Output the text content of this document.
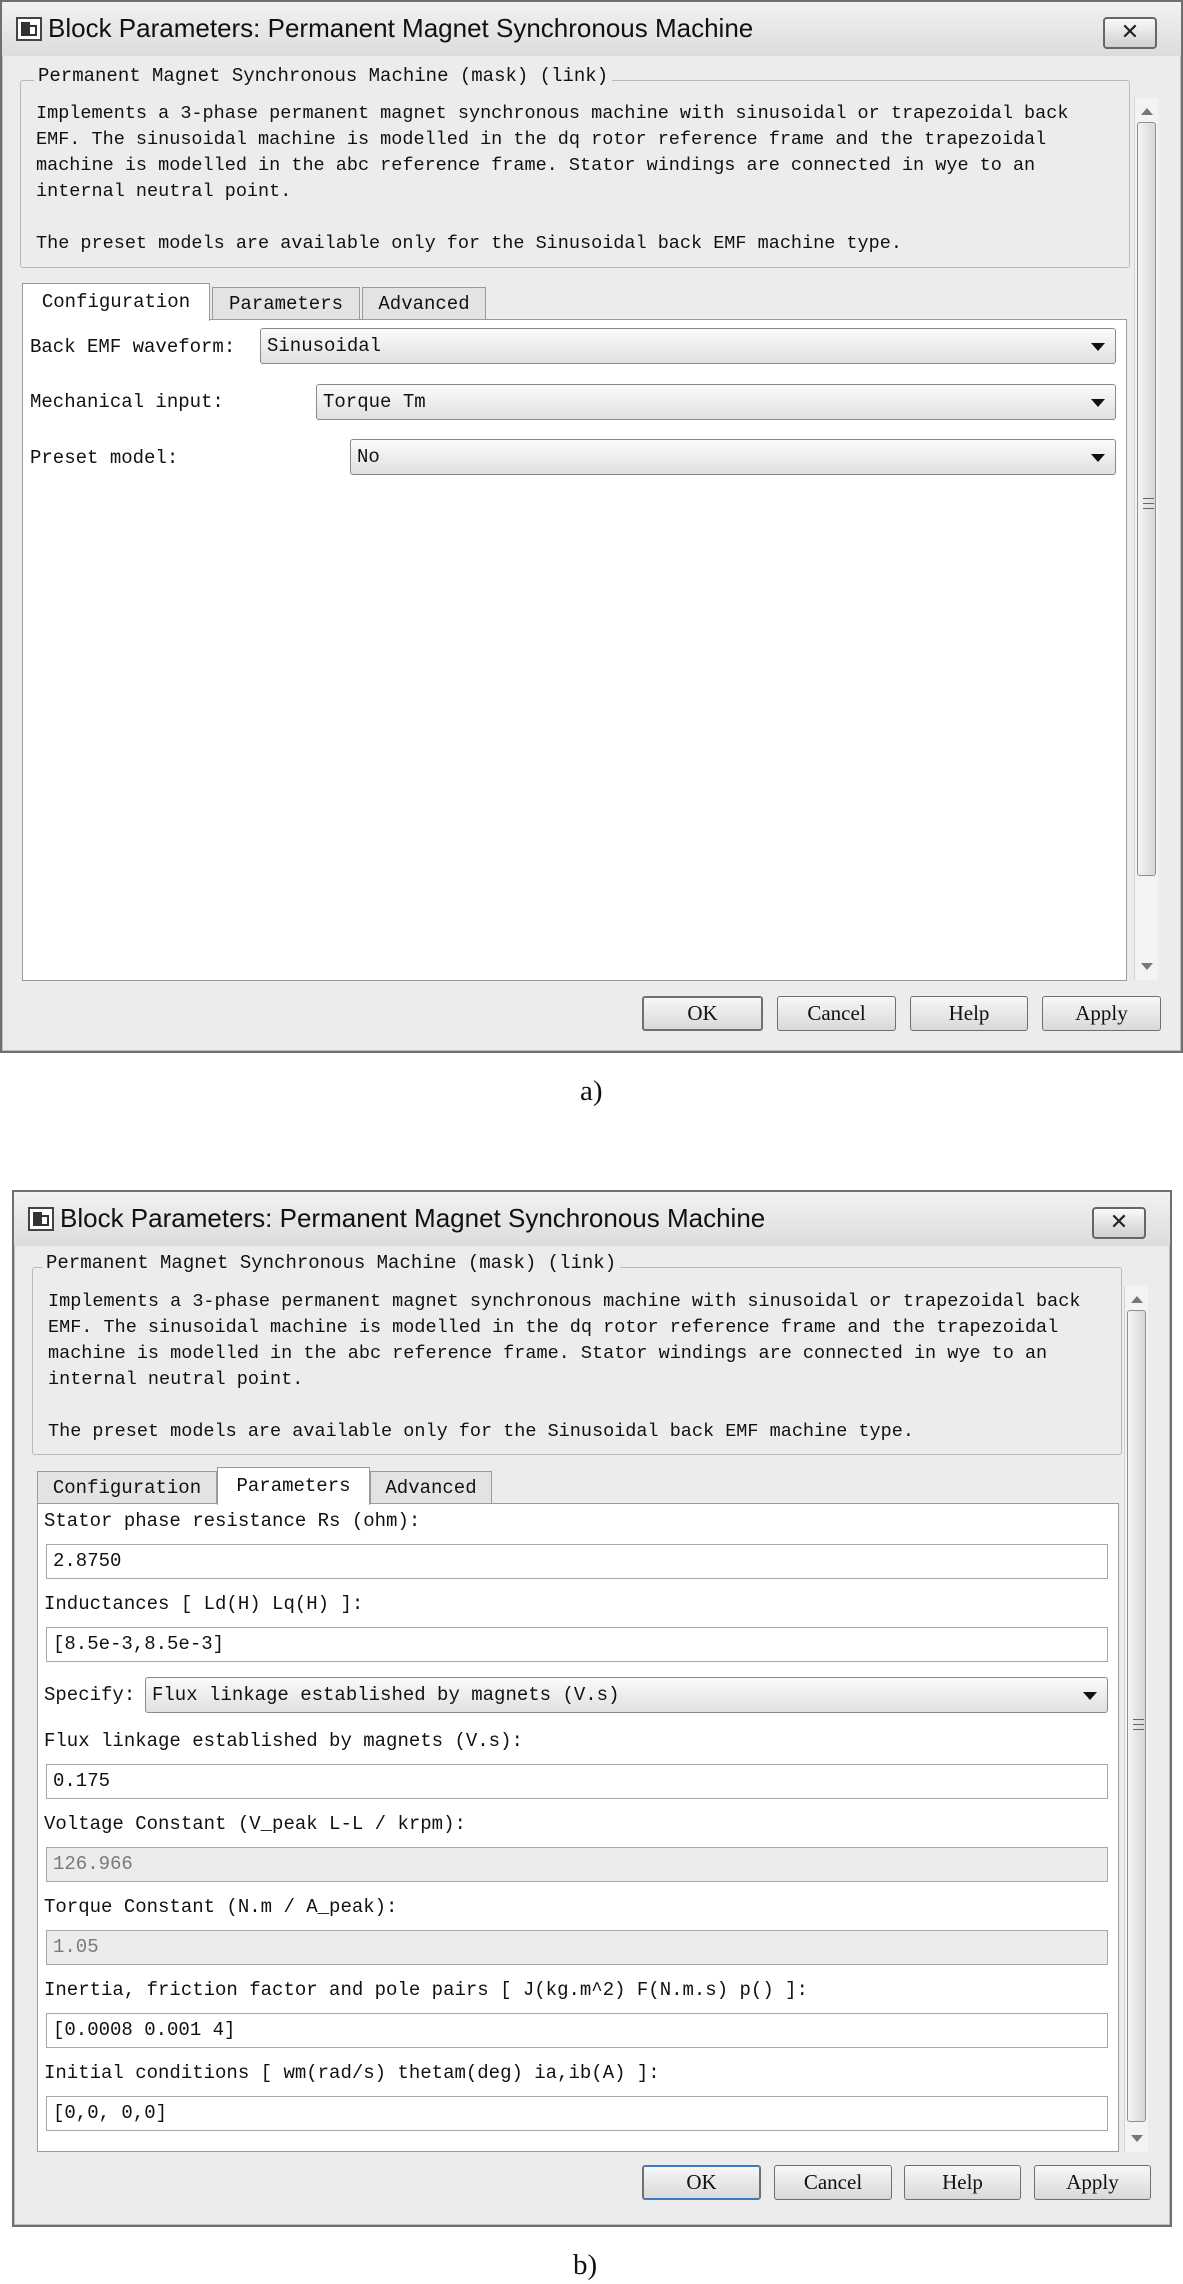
Block Parameters: Permanent Magnet Synchronous Machine	✕
Permanent Magnet Synchronous Machine (mask) (link)
Implements a 3-phase permanent magnet synchronous machine with sinusoidal or trapezoidal back
EMF. The sinusoidal machine is modelled in the dq rotor reference frame and the trapezoidal
machine is modelled in the abc reference frame. Stator windings are connected in wye to an
internal neutral point.

The preset models are available only for the Sinusoidal back EMF machine type.
Configuration	Parameters	Advanced
Back EMF waveform:	Sinusoidal
Mechanical input:	Torque Tm
Preset model:	No
OK	Cancel	Help	Apply
a)
Block Parameters: Permanent Magnet Synchronous Machine	✕
Permanent Magnet Synchronous Machine (mask) (link)
Implements a 3-phase permanent magnet synchronous machine with sinusoidal or trapezoidal back
EMF. The sinusoidal machine is modelled in the dq rotor reference frame and the trapezoidal
machine is modelled in the abc reference frame. Stator windings are connected in wye to an
internal neutral point.

The preset models are available only for the Sinusoidal back EMF machine type.
Configuration	Parameters	Advanced
Stator phase resistance Rs (ohm):
2.8750
Inductances [ Ld(H) Lq(H) ]:
[8.5e-3,8.5e-3]
Specify: Flux linkage established by magnets (V.s)
Flux linkage established by magnets (V.s):
0.175
Voltage Constant (V_peak L-L / krpm):
126.966
Torque Constant (N.m / A_peak):
1.05
Inertia, friction factor and pole pairs [ J(kg.m^2) F(N.m.s) p() ]:
[0.0008 0.001 4]
Initial conditions [ wm(rad/s) thetam(deg) ia,ib(A) ]:
[0,0, 0,0]
OK	Cancel	Help	Apply
b)
